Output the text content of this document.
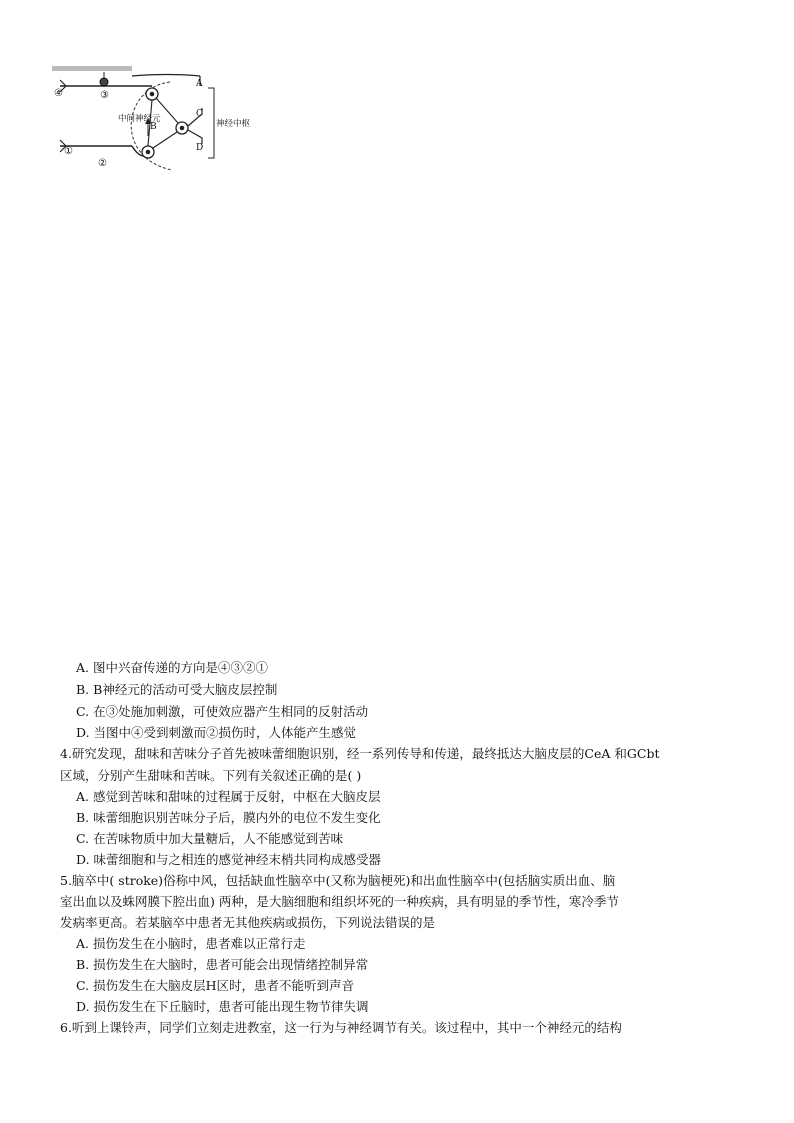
④	③
①
②
A
B
C
D
中间神经元	神经中枢
A. 图中兴奋传递的方向是④③②①
B. B神经元的活动可受大脑皮层控制
C. 在③处施加刺激，可使效应器产生相同的反射活动
D. 当图中④受到刺激而②损伤时，人体能产生感觉
4.研究发现，甜味和苦味分子首先被味蕾细胞识别，经一系列传导和传递，最终抵达大脑皮层的CeA 和GCbt
区域，分别产生甜味和苦味。下列有关叙述正确的是( )
A. 感觉到苦味和甜味的过程属于反射，中枢在大脑皮层
B. 味蕾细胞识别苦味分子后，膜内外的电位不发生变化
C. 在苦味物质中加大量糖后，人不能感觉到苦味
D. 味蕾细胞和与之相连的感觉神经末梢共同构成感受器
5.脑卒中( stroke)俗称中风，包括缺血性脑卒中(又称为脑梗死)和出血性脑卒中(包括脑实质出血、脑
室出血以及蛛网膜下腔出血) 两种，是大脑细胞和组织坏死的一种疾病，具有明显的季节性，寒冷季节
发病率更高。若某脑卒中患者无其他疾病或损伤，下列说法错误的是
A. 损伤发生在小脑时，患者难以正常行走
B. 损伤发生在大脑时，患者可能会出现情绪控制异常
C. 损伤发生在大脑皮层H区时，患者不能听到声音
D. 损伤发生在下丘脑时，患者可能出现生物节律失调
6.听到上课铃声，同学们立刻走进教室，这一行为与神经调节有关。该过程中，其中一个神经元的结构
